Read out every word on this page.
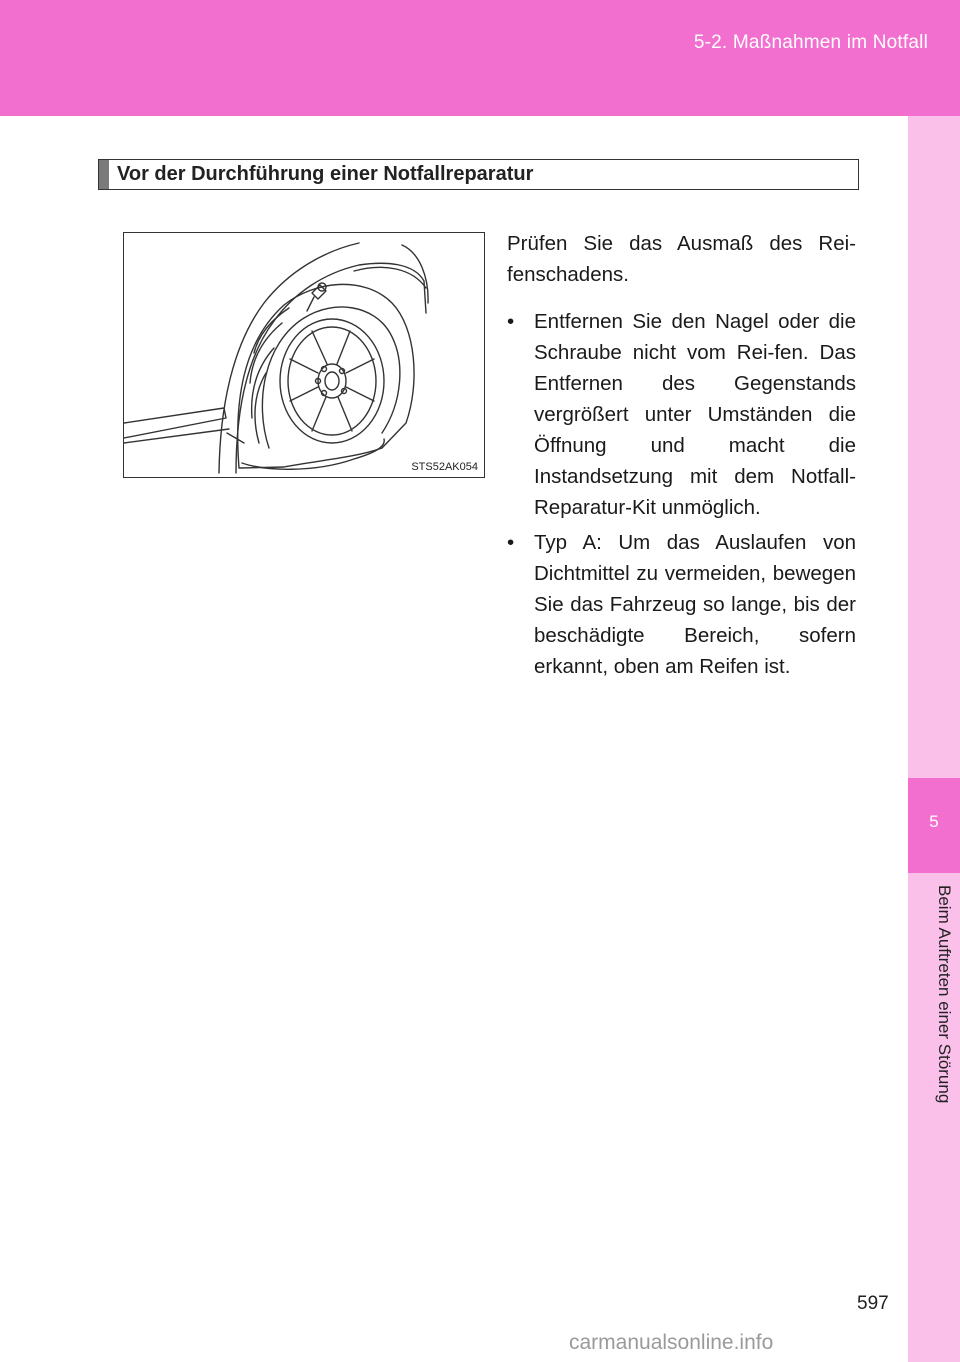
5-2. Maßnahmen im Notfall
5
Beim Auftreten einer Störung
Vor der Durchführung einer Notfallreparatur
STS52AK054

Prüfen Sie das Ausmaß des Rei-fenschadens.

• Entfernen Sie den Nagel oder die Schraube nicht vom Rei-fen. Das Entfernen des Gegenstands vergrößert unter Umständen die Öffnung und macht die Instandsetzung mit dem Notfall-Reparatur-Kit unmöglich.
• Typ A: Um das Auslaufen von Dichtmittel zu vermeiden, bewegen Sie das Fahrzeug so lange, bis der beschädigte Bereich, sofern erkannt, oben am Reifen ist.
597
carmanualsonline.info
